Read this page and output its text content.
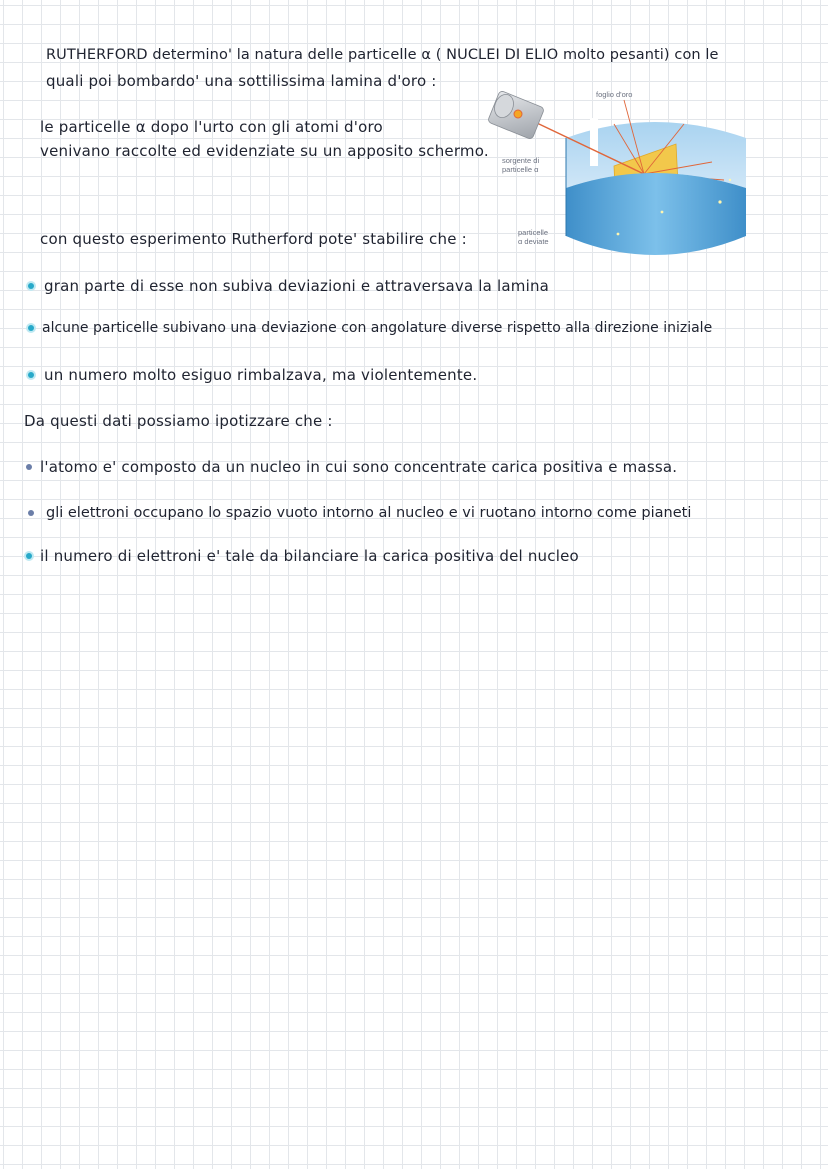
RUTHERFORD determino' la natura delle particelle α ( NUCLEI DI ELIO molto pesanti) con le
quali poi bombardo' una sottilissima lamina d'oro :
le particelle α dopo l'urto con gli atomi d'oro
venivano raccolte ed evidenziate su un apposito schermo.
foglio d'oro
sorgente di
particelle α
particelle
α deviate
con questo esperimento Rutherford pote' stabilire che :
gran parte di esse non subiva deviazioni e attraversava la lamina
alcune particelle subivano una deviazione con angolature diverse rispetto alla direzione iniziale
un numero molto esiguo rimbalzava, ma violentemente.
Da questi dati possiamo ipotizzare che :
l'atomo e' composto da un nucleo in cui sono concentrate carica positiva e massa.
gli elettroni occupano lo spazio vuoto intorno al nucleo e vi ruotano intorno come pianeti
il numero di elettroni e' tale da bilanciare la carica positiva del nucleo
